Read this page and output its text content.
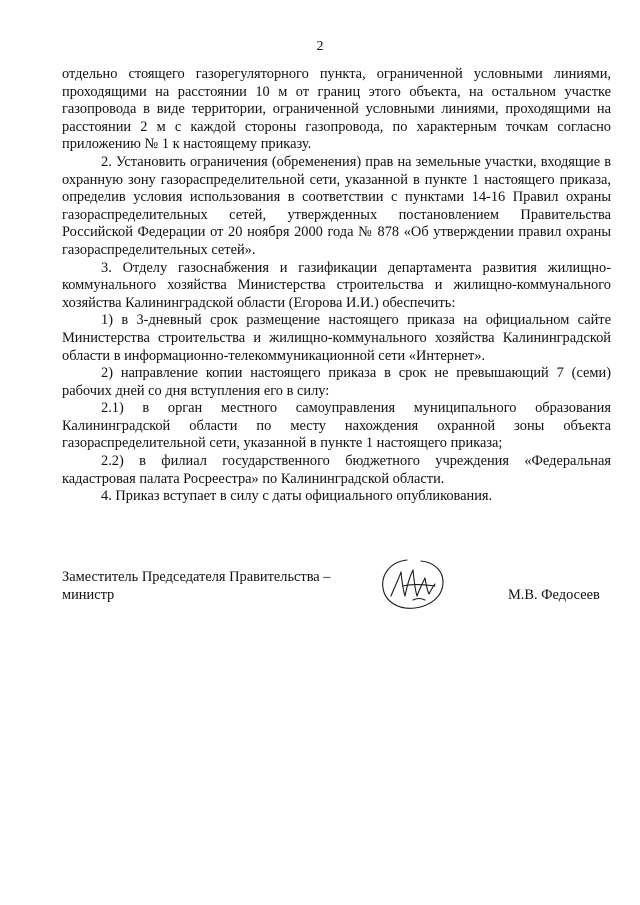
2

отдельно стоящего газорегуляторного пункта, ограниченной условными линиями, проходящими на расстоянии 10 м от границ этого объекта, на остальном участке газопровода в виде территории, ограниченной условными линиями, проходящими на расстоянии 2 м с каждой стороны газопровода, по характерным точкам согласно приложению № 1 к настоящему приказу.

2. Установить ограничения (обременения) прав на земельные участки, входящие в охранную зону газораспределительной сети, указанной в пункте 1 настоящего приказа, определив условия использования в соответствии с пунктами 14-16 Правил охраны газораспределительных сетей, утвержденных постановлением Правительства Российской Федерации от 20 ноября 2000 года № 878 «Об утверждении правил охраны газораспределительных сетей».

3. Отделу газоснабжения и газификации департамента развития жилищно-коммунального хозяйства Министерства строительства и жилищно-коммунального хозяйства Калининградской области (Егорова И.И.) обеспечить:

1) в 3-дневный срок размещение настоящего приказа на официальном сайте Министерства строительства и жилищно-коммунального хозяйства Калининградской области в информационно-телекоммуникационной сети «Интернет».

2) направление копии настоящего приказа в срок не превышающий 7 (семи) рабочих дней со дня вступления его в силу:

2.1) в орган местного самоуправления муниципального образования Калининградской области по месту нахождения охранной зоны объекта газораспределительной сети, указанной в пункте 1 настоящего приказа;

2.2) в филиал государственного бюджетного учреждения «Федеральная кадастровая палата Росреестра» по Калининградской области.

4. Приказ вступает в силу с даты официального опубликования.

Заместитель Председателя Правительства –
министр	М.В. Федосеев
